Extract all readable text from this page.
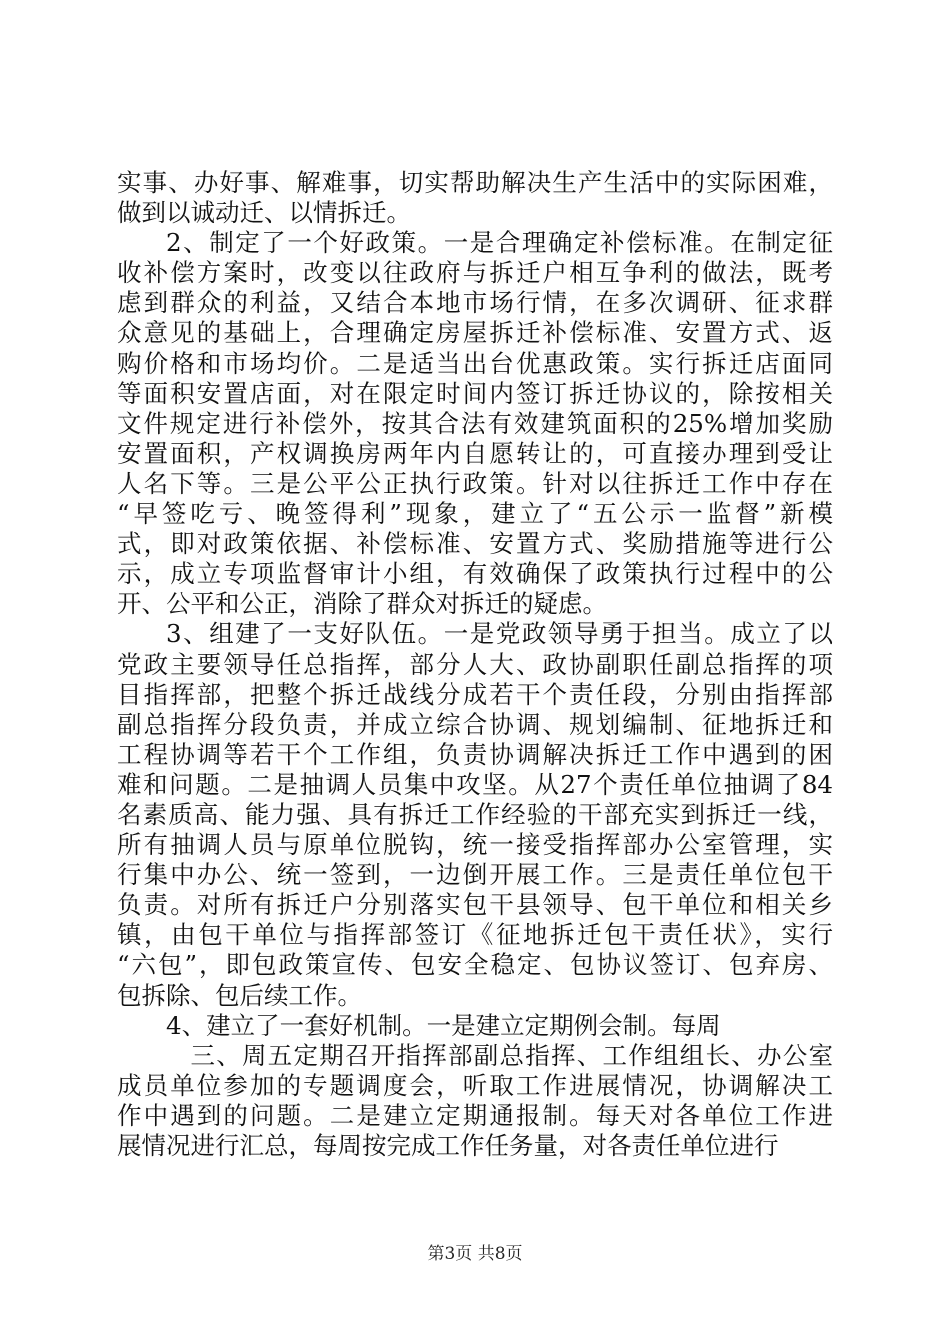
实事、办好事、解难事，切实帮助解决生产生活中的实际困难，
做到以诚动迁、以情拆迁。
2、制定了一个好政策。一是合理确定补偿标准。在制定征
收补偿方案时，改变以往政府与拆迁户相互争利的做法，既考
虑到群众的利益，又结合本地市场行情，在多次调研、征求群
众意见的基础上，合理确定房屋拆迁补偿标准、安置方式、返
购价格和市场均价。二是适当出台优惠政策。实行拆迁店面同
等面积安置店面，对在限定时间内签订拆迁协议的，除按相关
文件规定进行补偿外，按其合法有效建筑面积的25%增加奖励
安置面积，产权调换房两年内自愿转让的，可直接办理到受让
人名下等。三是公平公正执行政策。针对以往拆迁工作中存在
“早签吃亏、晚签得利”现象，建立了“五公示一监督”新模
式，即对政策依据、补偿标准、安置方式、奖励措施等进行公
示，成立专项监督审计小组，有效确保了政策执行过程中的公
开、公平和公正，消除了群众对拆迁的疑虑。
3、组建了一支好队伍。一是党政领导勇于担当。成立了以
党政主要领导任总指挥，部分人大、政协副职任副总指挥的项
目指挥部，把整个拆迁战线分成若干个责任段，分别由指挥部
副总指挥分段负责，并成立综合协调、规划编制、征地拆迁和
工程协调等若干个工作组，负责协调解决拆迁工作中遇到的困
难和问题。二是抽调人员集中攻坚。从27个责任单位抽调了84
名素质高、能力强、具有拆迁工作经验的干部充实到拆迁一线，
所有抽调人员与原单位脱钩，统一接受指挥部办公室管理，实
行集中办公、统一签到，一边倒开展工作。三是责任单位包干
负责。对所有拆迁户分别落实包干县领导、包干单位和相关乡
镇，由包干单位与指挥部签订《征地拆迁包干责任状》，实行
“六包”，即包政策宣传、包安全稳定、包协议签订、包弃房、
包拆除、包后续工作。
4、建立了一套好机制。一是建立定期例会制。每周
三、周五定期召开指挥部副总指挥、工作组组长、办公室
成员单位参加的专题调度会，听取工作进展情况，协调解决工
作中遇到的问题。二是建立定期通报制。每天对各单位工作进
展情况进行汇总，每周按完成工作任务量，对各责任单位进行
第3页 共8页
